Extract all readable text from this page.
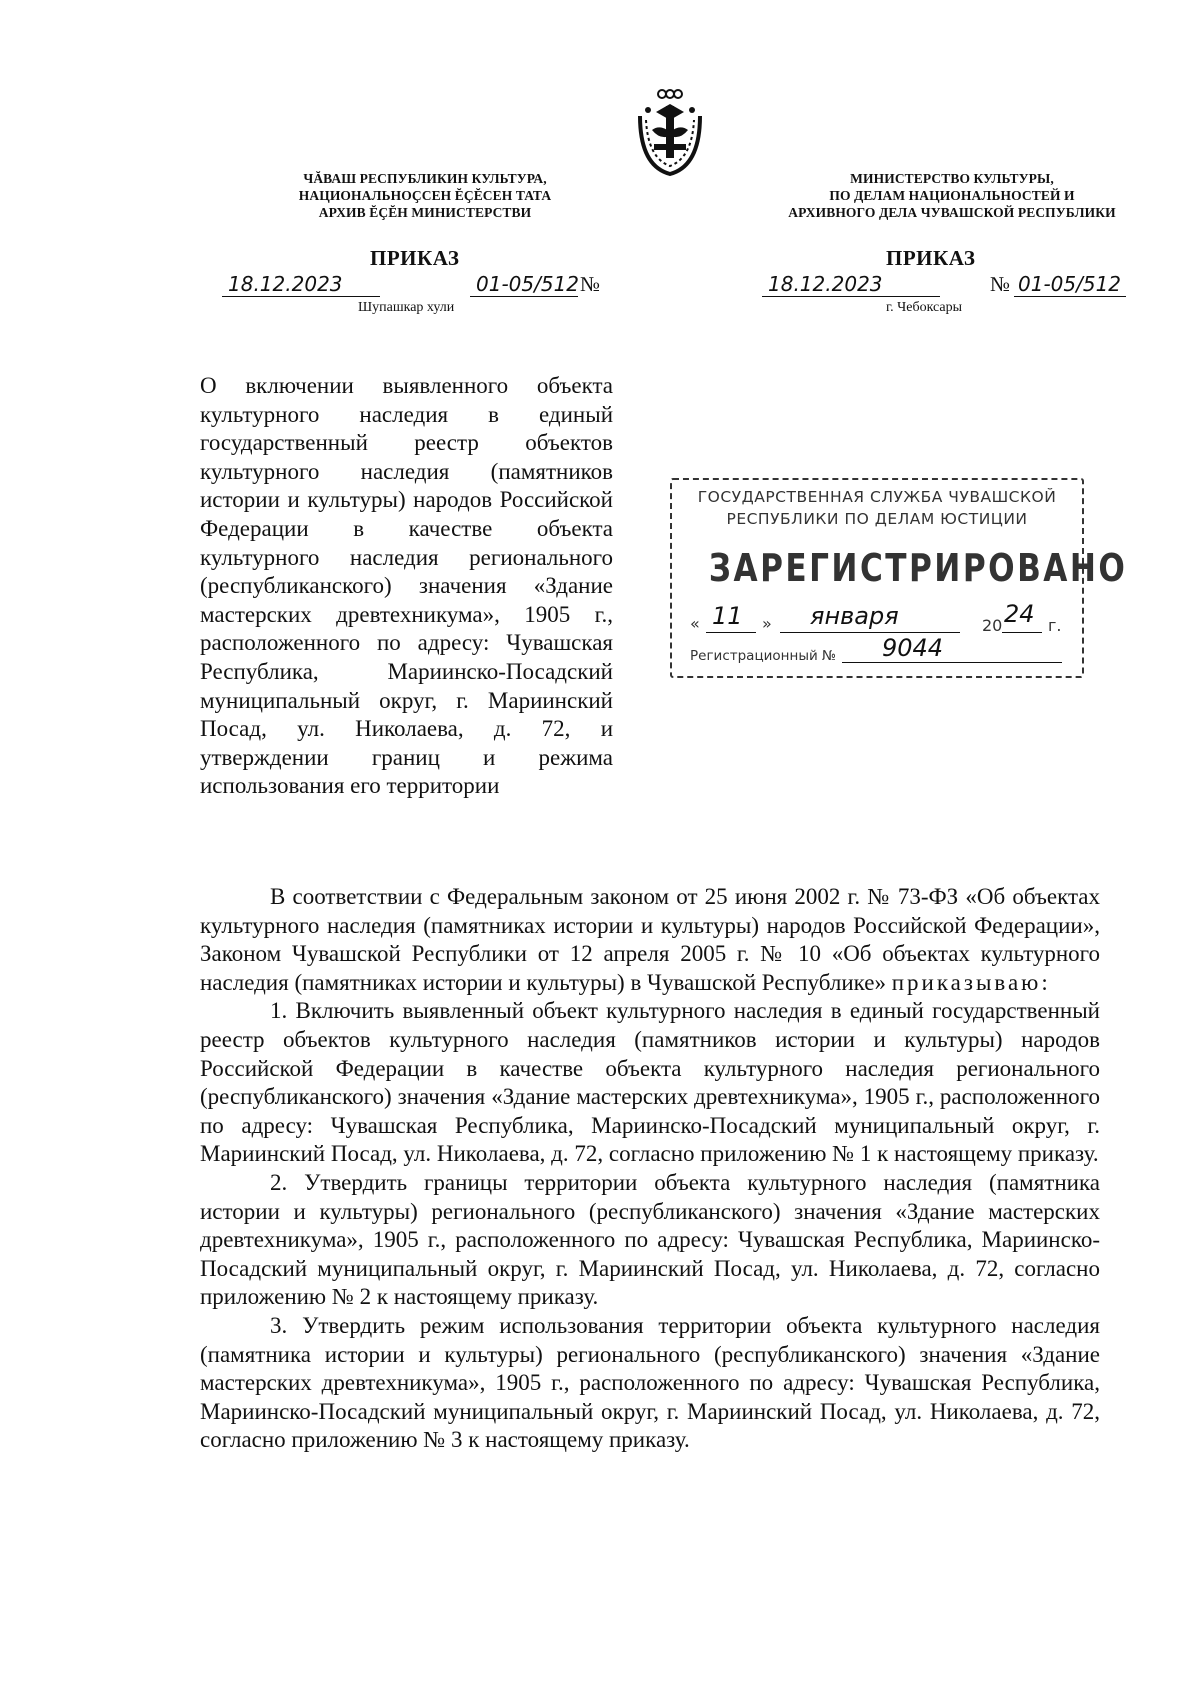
ЧĂВАШ РЕСПУБЛИКИН КУЛЬТУРА,
НАЦИОНАЛЬНОҪСЕН ĔҪĔСЕН ТАТА
АРХИВ ĔҪĔН МИНИСТЕРСТВИ
МИНИСТЕРСТВО КУЛЬТУРЫ,
ПО ДЕЛАМ НАЦИОНАЛЬНОСТЕЙ И
АРХИВНОГО ДЕЛА ЧУВАШСКОЙ РЕСПУБЛИКИ
ПРИКАЗ	ПРИКАЗ
18.12.2023	01-05/512 №
Шупашкар хули
18.12.2023	№ 01-05/512
г. Чебоксары
О включении выявленного объекта культурного наследия в единый государственный реестр объектов культурного наследия (памятников истории и культуры) народов Российской Федерации в качестве объекта культурного наследия регионального (республиканского) значения «Здание мастерских древтехникума», 1905 г., расположенного по адресу: Чувашская Республика, Мариинско-Посадский муниципальный округ, г. Мариинский Посад, ул. Николаева, д. 72, и утверждении границ и режима использования его территории
ГОСУДАРСТВЕННАЯ СЛУЖБА ЧУВАШСКОЙ
РЕСПУБЛИКИ ПО ДЕЛАМ ЮСТИЦИИ
ЗАРЕГИСТРИРОВАНО
« 11 » января	20 24 г.
Регистрационный № 9044

В соответствии с Федеральным законом от 25 июня 2002 г. № 73-ФЗ «Об объектах культурного наследия (памятниках истории и культуры) народов Российской Федерации», Законом Чувашской Республики от 12 апреля 2005 г. № 10 «Об объектах культурного наследия (памятниках истории и культуры) в Чувашской Республике» приказываю:

1. Включить выявленный объект культурного наследия в единый государственный реестр объектов культурного наследия (памятников истории и культуры) народов Российской Федерации в качестве объекта культурного наследия регионального (республиканского) значения «Здание мастерских древтехникума», 1905 г., расположенного по адресу: Чувашская Республика, Мариинско-Посадский муниципальный округ, г. Мариинский Посад, ул. Николаева, д. 72, согласно приложению № 1 к настоящему приказу.

2. Утвердить границы территории объекта культурного наследия (памятника истории и культуры) регионального (республиканского) значения «Здание мастерских древтехникума», 1905 г., расположенного по адресу: Чувашская Республика, Мариинско-Посадский муниципальный округ, г. Мариинский Посад, ул. Николаева, д. 72, согласно приложению № 2 к настоящему приказу.

3. Утвердить режим использования территории объекта культурного наследия (памятника истории и культуры) регионального (республиканского) значения «Здание мастерских древтехникума», 1905 г., расположенного по адресу: Чувашская Республика, Мариинско-Посадский муниципальный округ, г. Мариинский Посад, ул. Николаева, д. 72, согласно приложению № 3 к настоящему приказу.
